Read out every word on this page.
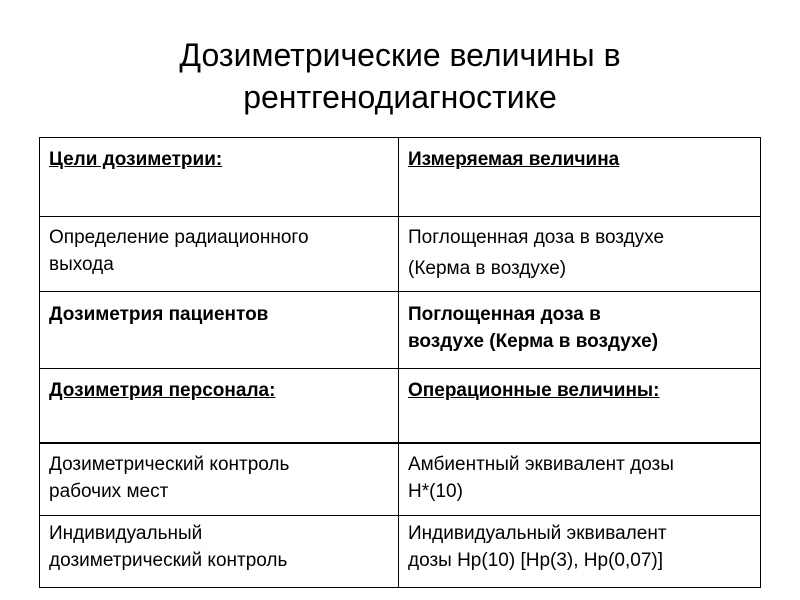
Дозиметрические величины в
рентгенодиагностике
Цели дозиметрии:	Измеряемая величина

Определение радиационного
выхода	Поглощенная доза в воздухе
(Керма в воздухе)

Дозиметрия пациентов	Поглощенная доза в
воздухе (Керма в воздухе)

Дозиметрия персонала:	Операционные величины:

Дозиметрический контроль
рабочих мест	Амбиентный эквивалент дозы
H*(10)

Индивидуальный
дозиметрический контроль	Индивидуальный эквивалент
дозы Hp(10) [Hp(3), Hp(0,07)]
